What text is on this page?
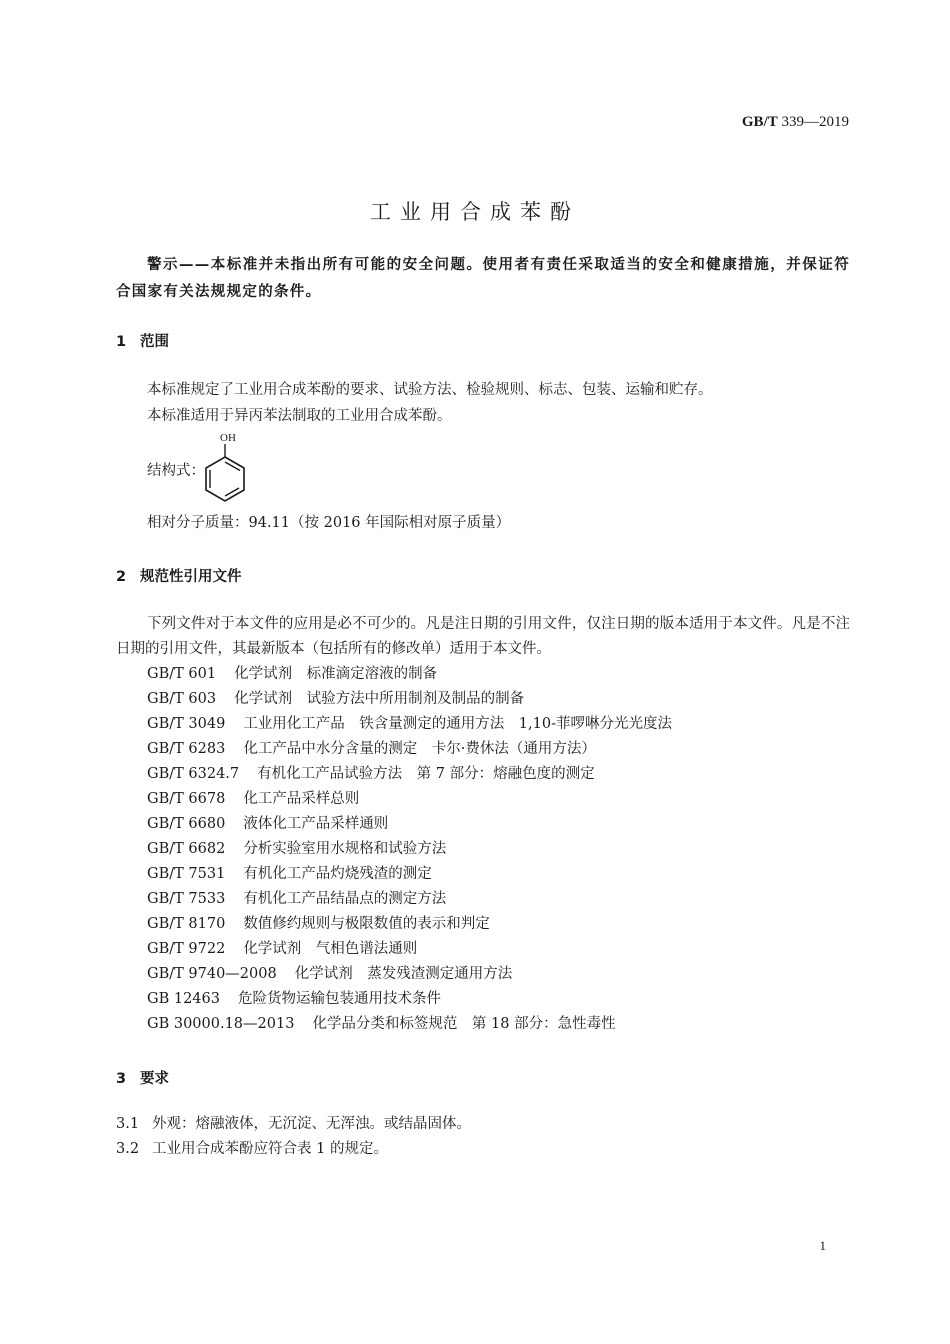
GB/T 339—2019
工业用合成苯酚
警示——本标准并未指出所有可能的安全问题。使用者有责任采取适当的安全和健康措施，并保证符合国家有关法规规定的条件。
1 范围
本标准规定了工业用合成苯酚的要求、试验方法、检验规则、标志、包装、运输和贮存。
本标准适用于异丙苯法制取的工业用合成苯酚。
结构式：
OH
相对分子质量：94.11（按 2016 年国际相对原子质量）
2 规范性引用文件
下列文件对于本文件的应用是必不可少的。凡是注日期的引用文件，仅注日期的版本适用于本文件。凡是不注日期的引用文件，其最新版本（包括所有的修改单）适用于本文件。
GB/T 601 化学试剂　标准滴定溶液的制备
GB/T 603 化学试剂　试验方法中所用制剂及制品的制备
GB/T 3049 工业用化工产品　铁含量测定的通用方法　1,10-菲啰啉分光光度法
GB/T 6283 化工产品中水分含量的测定　卡尔·费休法（通用方法）
GB/T 6324.7 有机化工产品试验方法　第 7 部分：熔融色度的测定
GB/T 6678 化工产品采样总则
GB/T 6680 液体化工产品采样通则
GB/T 6682 分析实验室用水规格和试验方法
GB/T 7531 有机化工产品灼烧残渣的测定
GB/T 7533 有机化工产品结晶点的测定方法
GB/T 8170 数值修约规则与极限数值的表示和判定
GB/T 9722 化学试剂　气相色谱法通则
GB/T 9740—2008 化学试剂　蒸发残渣测定通用方法
GB 12463 危险货物运输包装通用技术条件
GB 30000.18—2013 化学品分类和标签规范　第 18 部分：急性毒性
3 要求
3.1 外观：熔融液体，无沉淀、无浑浊。或结晶固体。
3.2 工业用合成苯酚应符合表 1 的规定。
1
